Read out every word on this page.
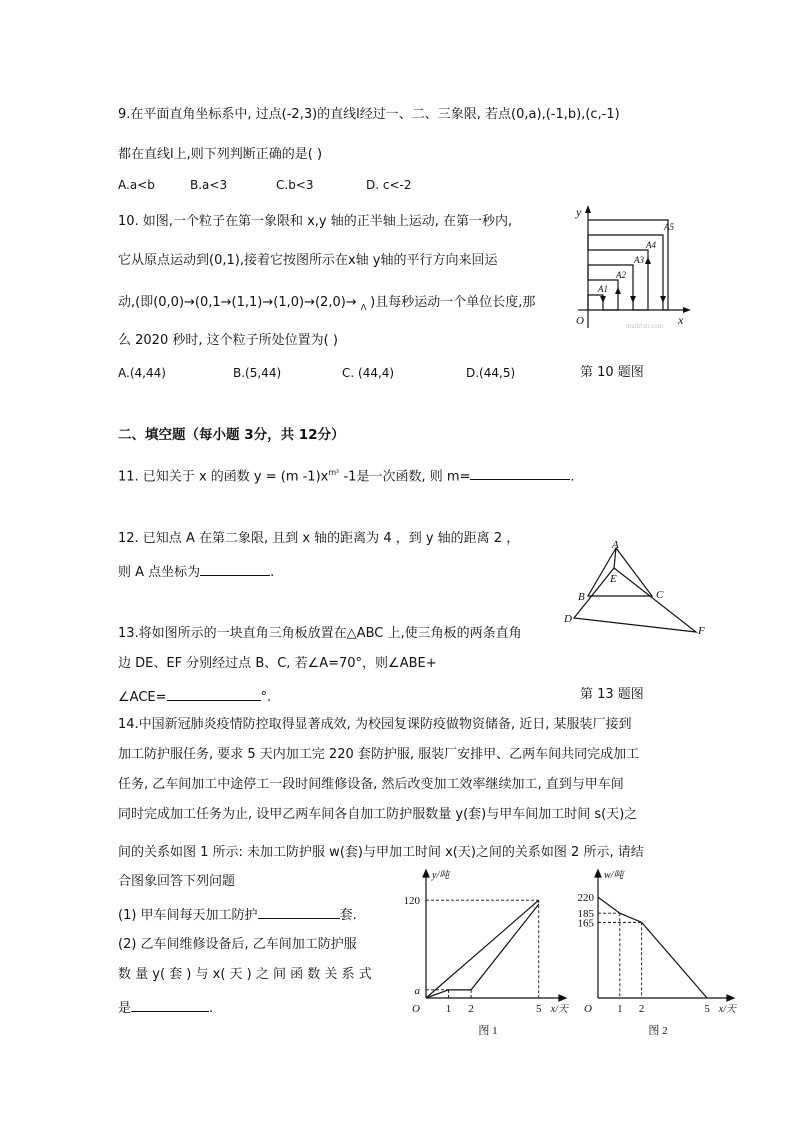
9.在平面直角坐标系中, 过点(-2,3)的直线l经过一、二、三象限, 若点(0,a),(-1,b),(c,-1)
都在直线l上,则下列判断正确的是( )
A.a<b	B.a<3	C.b<3	D. c<-2
10. 如图,一个粒子在第一象限和 x,y 轴的正半轴上运动, 在第一秒内,
它从原点运动到(0,1),接着它按图所示在x轴 y轴的平行方向来回运
动,(即(0,0)→(0,1→(1,1)→(1,0)→(2,0)→ $_\Lambda$ )且每秒运动一个单位长度,那
么 2020 秒时, 这个粒子所处位置为( )
A.(4,44)	B.(5,44)	C. (44,4)	D.(44,5)	第 10 题图
y
x
O
A1
A2
A3
A4
A5
mathfun.com
二、填空题（每小题 3分，共 12分）
11. 已知关于 x 的函数 y = (m $-1)x^{m^2}$ -1是一次函数, 则 m=	.
12. 已知点 A 在第二象限, 且到 x 轴的距离为 4 ，到 y 轴的距离 2 ，
则 A 点坐标为	.
A
E
B	C
D
F
13.将如图所示的一块直角三角板放置在△ABC 上,使三角板的两条直角
边 DE、EF 分别经过点 B、C, 若∠A=70°，则∠ABE+
∠ACE=	°.	第 13 题图
14.中国新冠肺炎疫情防控取得显著成效, 为校园复课防疫做物资储备, 近日, 某服装厂接到
加工防护服任务, 要求 5 天内加工完 220 套防护服, 服装厂安排甲、乙两车间共同完成加工
任务, 乙车间加工中途停工一段时间维修设备, 然后改变加工效率继续加工, 直到与甲车间
同时完成加工任务为止, 设甲乙两车间各自加工防护服数量 y(套)与甲车间加工时间 s(天)之
间的关系如图 1 所示: 未加工防护服 w(套)与甲加工时间 x(天)之间的关系如图 2 所示, 请结
合图象回答下列问题
(1) 甲车间每天加工防护	套.
(2) 乙车间维修设备后, 乙车间加工防护服
数 量 y( 套 ) 与 x( 天 ) 之 间 函 数 关 系 式
是	.
y/吨
x/天
O
图 1
1 2	5
a
120
w/吨
x/天
O
图 2
1 2	5
165
185
220
